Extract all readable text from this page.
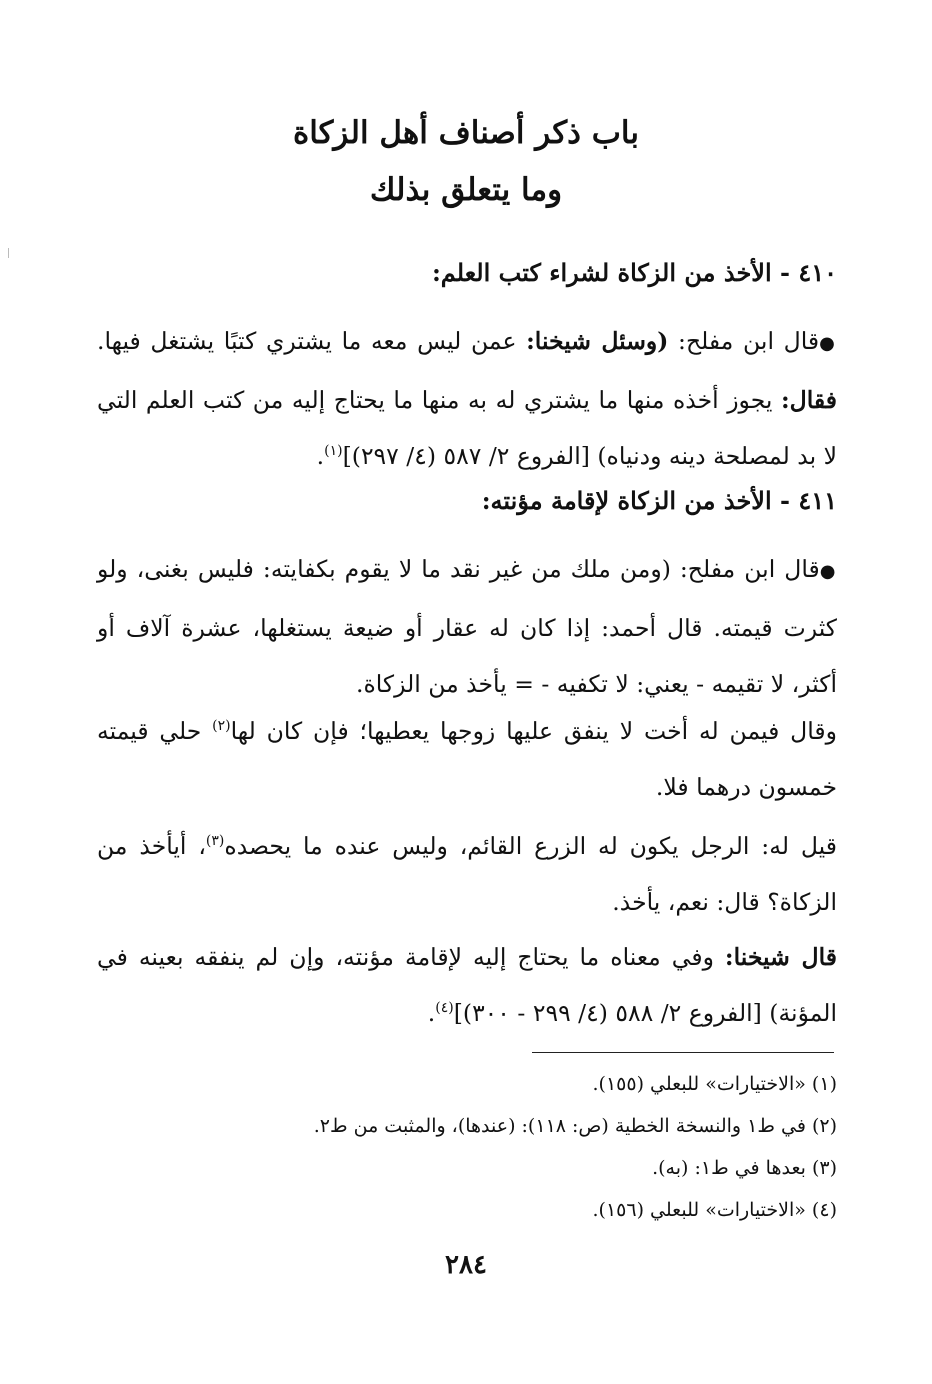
باب ذكر أصناف أهل الزكاة
وما يتعلق بذلك
٤١٠ - الأخذ من الزكاة لشراء كتب العلم:
●قال ابن مفلح: (وسئل شيخنا: عمن ليس معه ما يشتري كتبًا يشتغل فيها. فقال: يجوز أخذه منها ما يشتري له به منها ما يحتاج إليه من كتب العلم التي لا بد لمصلحة دينه ودنياه) [الفروع ٢/ ٥٨٧ (٤/ ٢٩٧)]$^{(١)}$.
٤١١ - الأخذ من الزكاة لإقامة مؤنته:
●قال ابن مفلح: (ومن ملك من غير نقد ما لا يقوم بكفايته: فليس بغنى، ولو كثرت قيمته. قال أحمد: إذا كان له عقار أو ضيعة يستغلها، عشرة آلاف أو أكثر، لا تقيمه - يعني: لا تكفيه - = يأخذ من الزكاة.
وقال فيمن له أخت لا ينفق عليها زوجها يعطيها؛ فإن كان لها$^{(٢)}$ حلي قيمته خمسون درهما فلا.
قيل له: الرجل يكون له الزرع القائم، وليس عنده ما يحصده$^{(٣)}$، أيأخذ من الزكاة؟ قال: نعم، يأخذ.
قال شيخنا: وفي معناه ما يحتاج إليه لإقامة مؤنته، وإن لم ينفقه بعينه في المؤنة) [الفروع ٢/ ٥٨٨ (٤/ ٢٩٩ - ٣٠٠)]$^{(٤)}$.
(١) «الاختيارات» للبعلي (١٥٥).
(٢) في ط١ والنسخة الخطية (ص: ١١٨): (عندها)، والمثبت من ط٢.
(٣) بعدها في ط١: (به).
(٤) «الاختيارات» للبعلي (١٥٦).
٢٨٤
